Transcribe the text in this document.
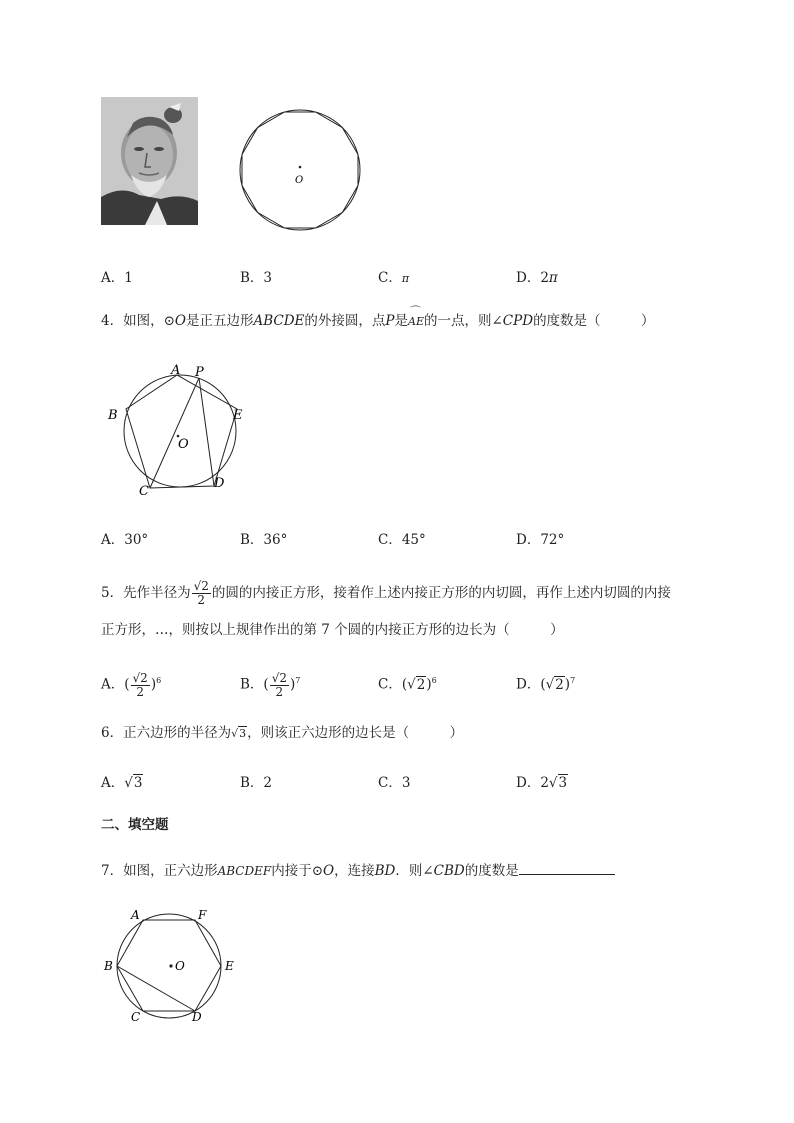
O
A．1	B．3	C．π	D．2π
4．如图，⊙O是正五边形ABCDE的外接圆，点P是
⌒
AE的一点，则∠CPD的度数是（　　　）
A P
B	E
O
C
D
A．30°	B．36°	C．45°	D．72°
5．先作半径为 $\frac{√2}{2}$ 的圆的内接正方形，接着作上述内接正方形的内切圆，再作上述内切圆的内接
正方形，…，则按以上规律作出的第 7 个圆的内接正方形的边长为（　　　）
A．( $\frac{√2}{2} )^6$	B．( $\frac{√2}{2} )^7$	C．$(√2)^6$	D．$(√2)^7$
6．正六边形的半径为√3，则该正六边形的边长是（　　　）
A．√3	B．2	C．3	D．2√3
二、填空题
7．如图，正六边形ABCDEF内接于⊙O，连接BD．则∠CBD的度数是
A	F
B	O	E
C	D
